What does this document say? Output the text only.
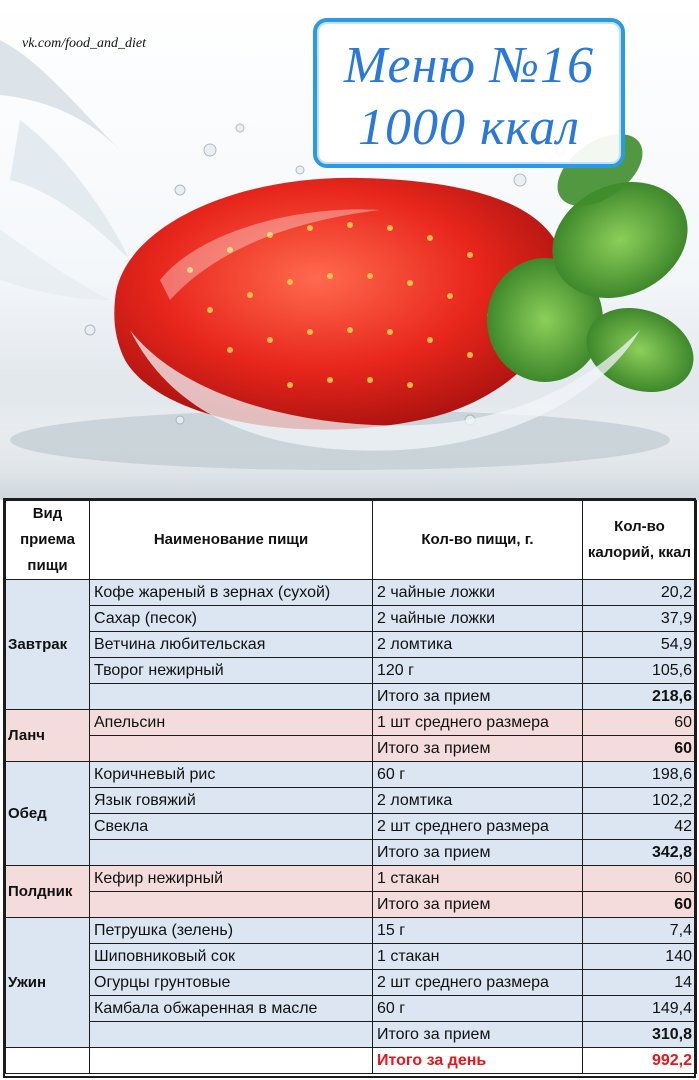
vk.com/food_and_diet	Меню №16
1000 ккал
Вид приема пищи	Наименование пищи	Кол-во пищи, г.	Кол-во калорий, ккал
Завтрак	Кофе жареный в зернах (сухой)	2 чайные ложки	20,2
	Сахар (песок)	2 чайные ложки	37,9
	Ветчина любительская	2 ломтика	54,9
	Творог нежирный	120 г	105,6
		Итого за прием	218,6
Ланч	Апельсин	1 шт среднего размера	60
		Итого за прием	60
Обед	Коричневый рис	60 г	198,6
	Язык говяжий	2 ломтика	102,2
	Свекла	2 шт среднего размера	42
		Итого за прием	342,8
Полдник	Кефир нежирный	1 стакан	60
		Итого за прием	60
Ужин	Петрушка (зелень)	15 г	7,4
	Шиповниковый сок	1 стакан	140
	Огурцы грунтовые	2 шт среднего размера	14
	Камбала обжаренная в масле	60 г	149,4
		Итого за прием	310,8
		Итого за день	992,2
